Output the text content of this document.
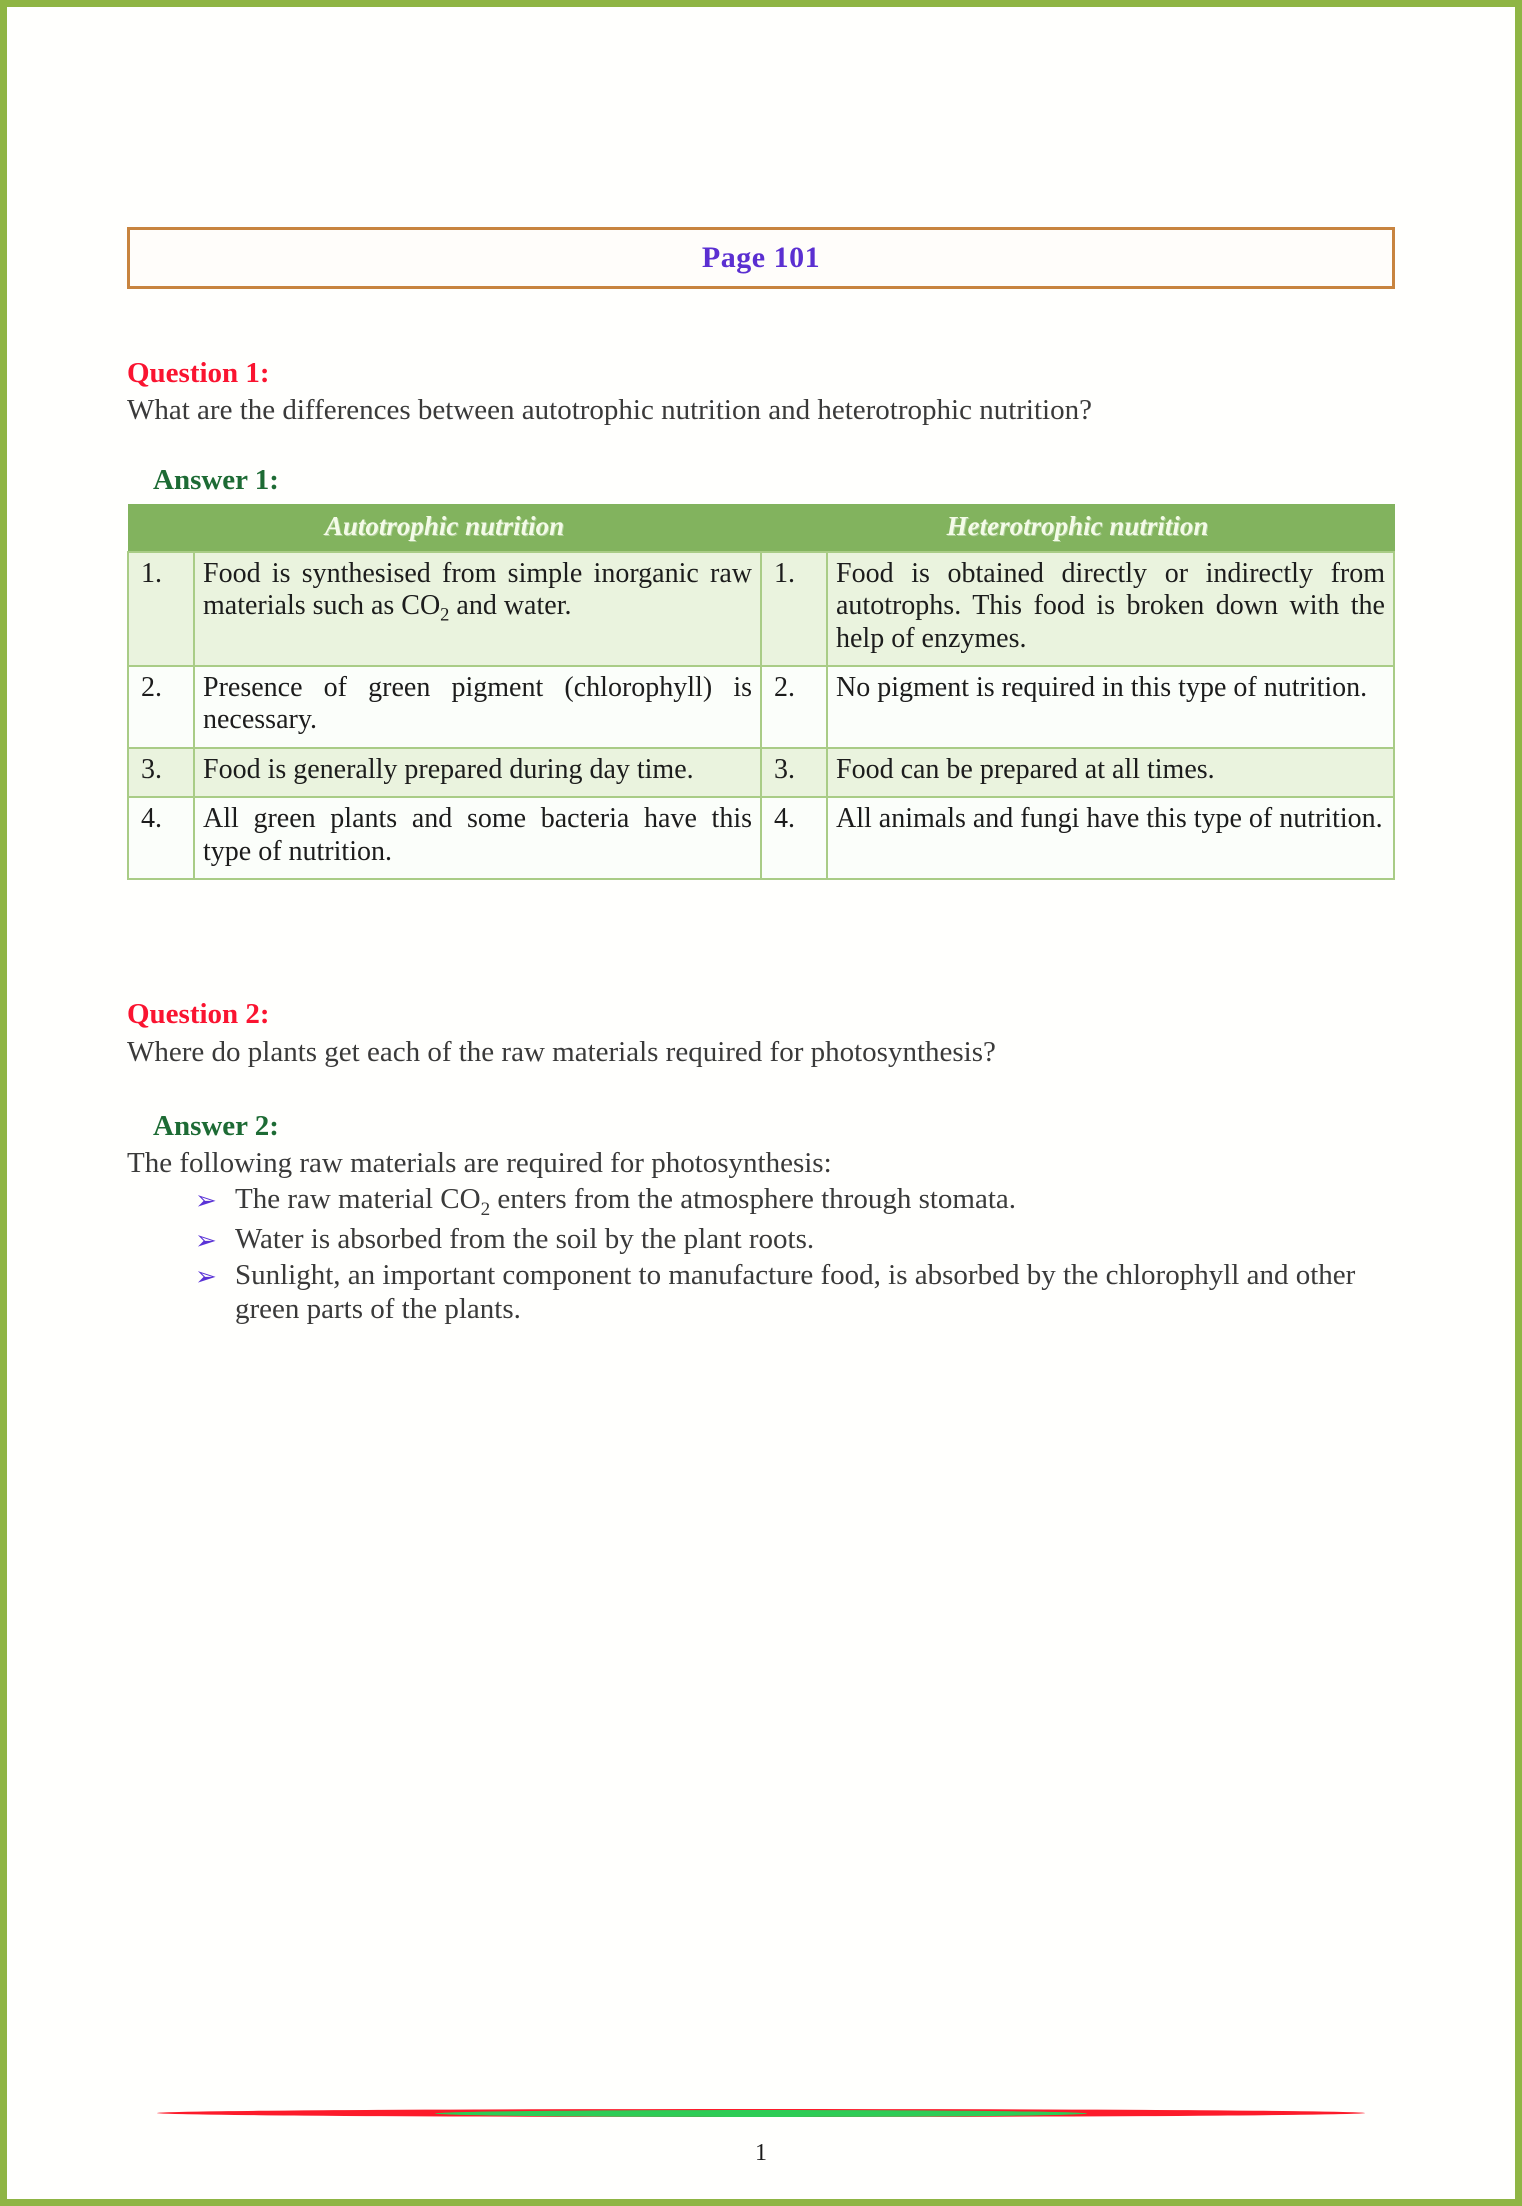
Page 101
Question 1:

What are the differences between autotrophic nutrition and heterotrophic nutrition?

Answer 1:
Autotrophic nutrition		Heterotrophic nutrition	
1.	Food is synthesised from simple inorganic raw materials such as $CO_2$ and water.	1.	Food is obtained directly or indirectly from autotrophs. This food is broken down with the help of enzymes.
2.	Presence of green pigment (chlorophyll) is necessary.	2.	No pigment is required in this type of nutrition.
3.	Food is generally prepared during day time.	3.	Food can be prepared at all times.
4.	All green plants and some bacteria have this type of nutrition.	4.	All animals and fungi have this type of nutrition.
Question 2:

Where do plants get each of the raw materials required for photosynthesis?

Answer 2:

The following raw materials are required for photosynthesis:

➢ The raw material $CO_2$ enters from the atmosphere through stomata.
➢ Water is absorbed from the soil by the plant roots.
➢ Sunlight, an important component to manufacture food, is absorbed by the chlorophyll and other green parts of the plants.
1
